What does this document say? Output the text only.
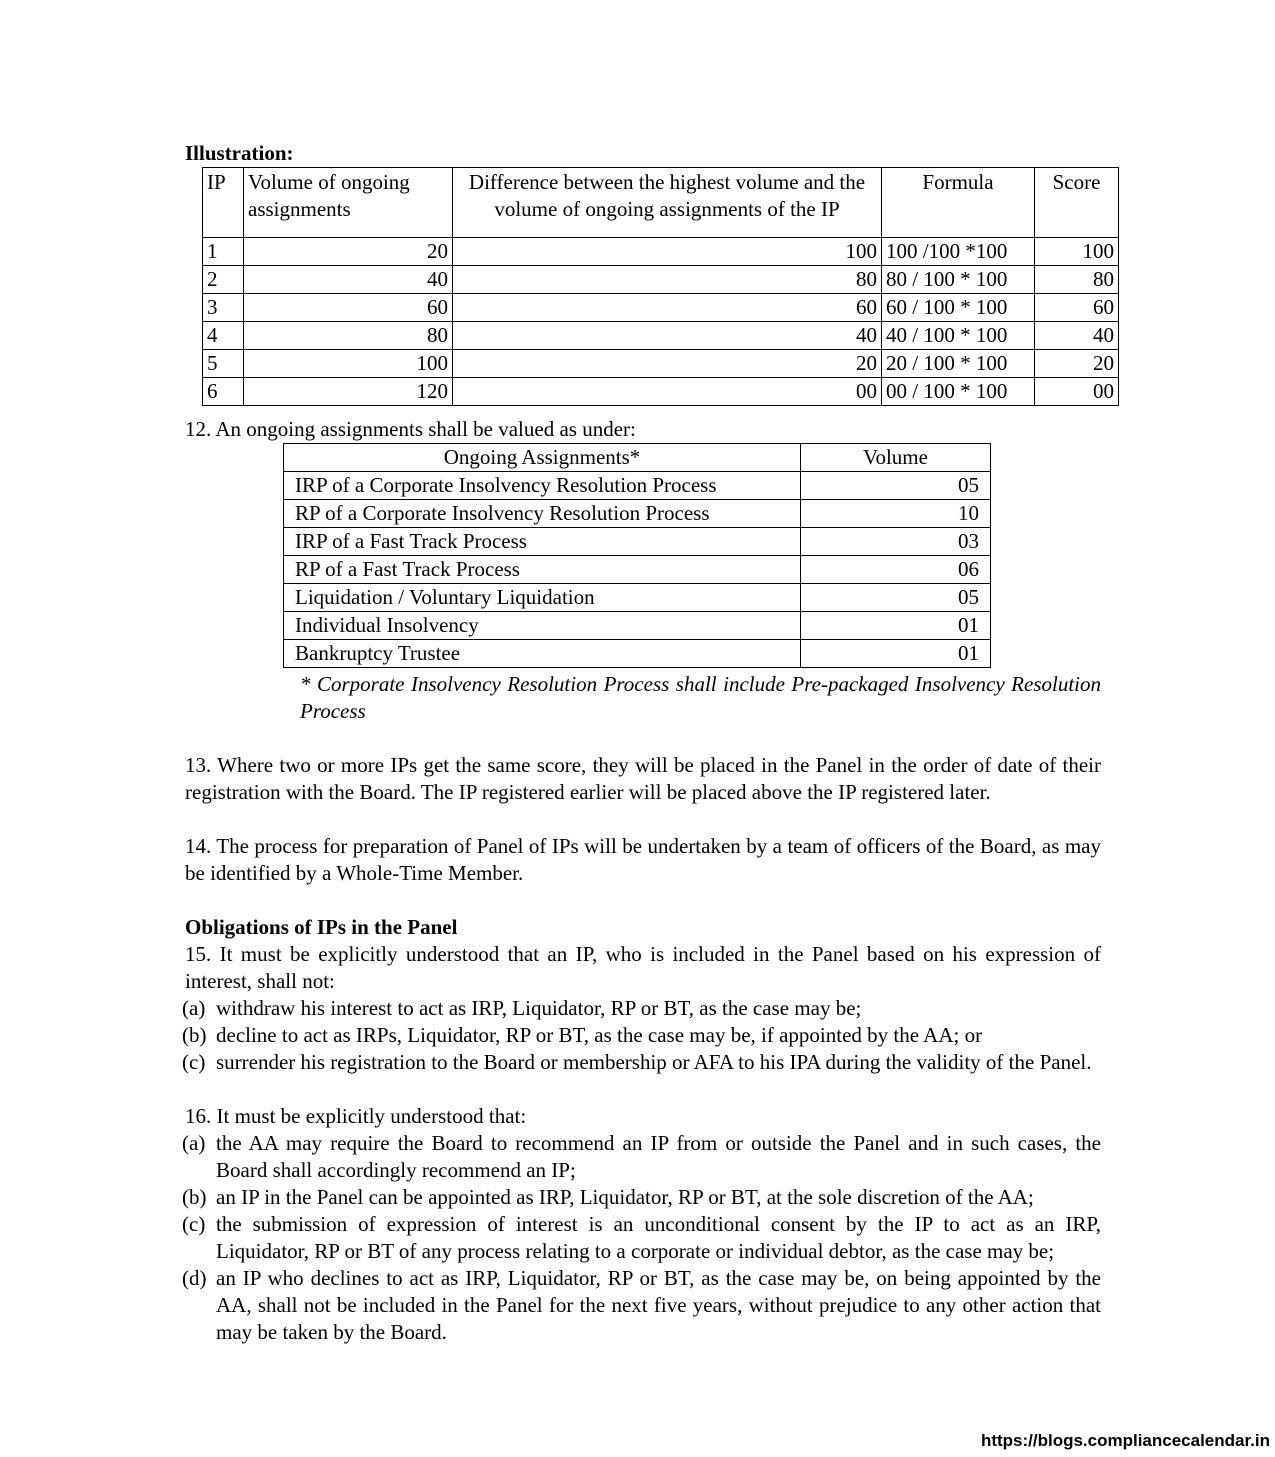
Illustration:
IP	Volume of ongoing assignments	Difference between the highest volume and the volume of ongoing assignments of the IP	Formula	Score
1	20	100	100 /100 *100	100
2	40	80	80 / 100 * 100	80
3	60	60	60 / 100 * 100	60
4	80	40	40 / 100 * 100	40
5	100	20	20 / 100 * 100	20
6	120	00	00 / 100 * 100	00

12. An ongoing assignments shall be valued as under:

Ongoing Assignments*	Volume
IRP of a Corporate Insolvency Resolution Process	05
RP of a Corporate Insolvency Resolution Process	10
IRP of a Fast Track Process	03
RP of a Fast Track Process	06
Liquidation / Voluntary Liquidation	05
Individual Insolvency	01
Bankruptcy Trustee	01

* Corporate Insolvency Resolution Process shall include Pre-packaged Insolvency Resolution Process

13. Where two or more IPs get the same score, they will be placed in the Panel in the order of date of their registration with the Board. The IP registered earlier will be placed above the IP registered later.

14. The process for preparation of Panel of IPs will be undertaken by a team of officers of the Board, as may be identified by a Whole-Time Member.

Obligations of IPs in the Panel

15. It must be explicitly understood that an IP, who is included in the Panel based on his expression of interest, shall not:

(a) withdraw his interest to act as IRP, Liquidator, RP or BT, as the case may be;
(b) decline to act as IRPs, Liquidator, RP or BT, as the case may be, if appointed by the AA; or
(c) surrender his registration to the Board or membership or AFA to his IPA during the validity of the Panel.

16. It must be explicitly understood that:

(a) the AA may require the Board to recommend an IP from or outside the Panel and in such cases, the Board shall accordingly recommend an IP;
(b) an IP in the Panel can be appointed as IRP, Liquidator, RP or BT, at the sole discretion of the AA;
(c) the submission of expression of interest is an unconditional consent by the IP to act as an IRP, Liquidator, RP or BT of any process relating to a corporate or individual debtor, as the case may be;
(d) an IP who declines to act as IRP, Liquidator, RP or BT, as the case may be, on being appointed by the AA, shall not be included in the Panel for the next five years, without prejudice to any other action that may be taken by the Board.
https://blogs.compliancecalendar.in
